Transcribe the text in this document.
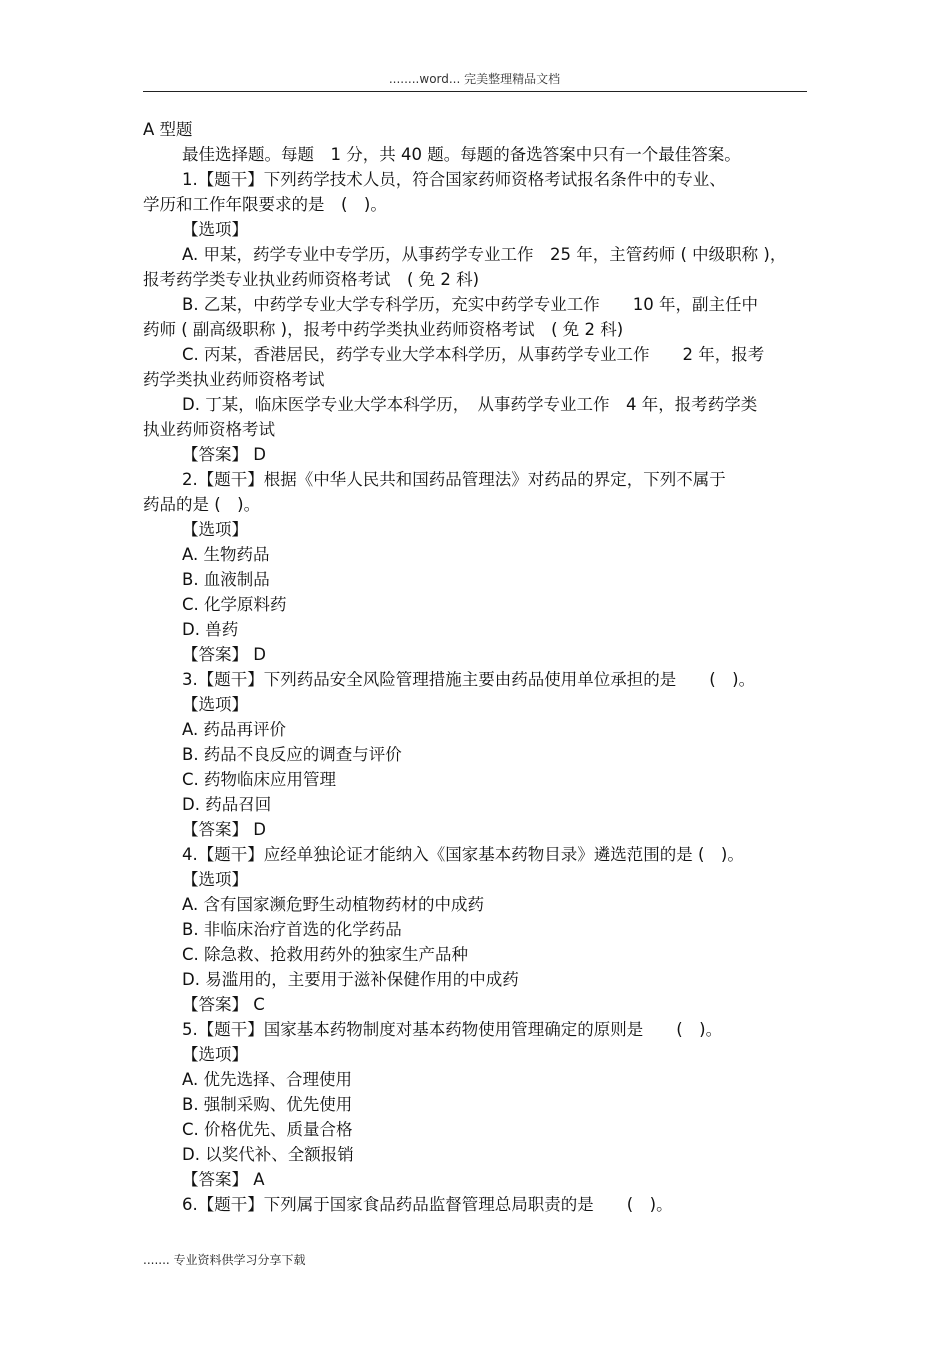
........word... 完美整理精品文档
A 型题
最佳选择题。每题　1 分，共 40 题。每题的备选答案中只有一个最佳答案。
1.【题干】下列药学技术人员，符合国家药师资格考试报名条件中的专业、
学历和工作年限要求的是　(　)。
【选项】
A. 甲某，药学专业中专学历，从事药学专业工作　25 年，主管药师 ( 中级职称 )，
报考药学类专业执业药师资格考试　( 免 2 科)
B. 乙某，中药学专业大学专科学历，充实中药学专业工作　　10 年，副主任中
药师 ( 副高级职称 )，报考中药学类执业药师资格考试　( 免 2 科)
C. 丙某，香港居民，药学专业大学本科学历，从事药学专业工作　　2 年，报考
药学类执业药师资格考试
D. 丁某，临床医学专业大学本科学历，　从事药学专业工作　4 年，报考药学类
执业药师资格考试
【答案】 D
2.【题干】根据《中华人民共和国药品管理法》对药品的界定，下列不属于
药品的是 (　)。
【选项】
A. 生物药品
B. 血液制品
C. 化学原料药
D. 兽药
【答案】 D
3.【题干】下列药品安全风险管理措施主要由药品使用单位承担的是　　(　)。
【选项】
A. 药品再评价
B. 药品不良反应的调查与评价
C. 药物临床应用管理
D. 药品召回
【答案】 D
4.【题干】应经单独论证才能纳入《国家基本药物目录》遴选范围的是 (　)。
【选项】
A. 含有国家濒危野生动植物药材的中成药
B. 非临床治疗首选的化学药品
C. 除急救、抢救用药外的独家生产品种
D. 易滥用的，主要用于滋补保健作用的中成药
【答案】 C
5.【题干】国家基本药物制度对基本药物使用管理确定的原则是　　(　)。
【选项】
A. 优先选择、合理使用
B. 强制采购、优先使用
C. 价格优先、质量合格
D. 以奖代补、全额报销
【答案】 A
6.【题干】下列属于国家食品药品监督管理总局职责的是　　(　)。
....... 专业资料供学习分享下载
